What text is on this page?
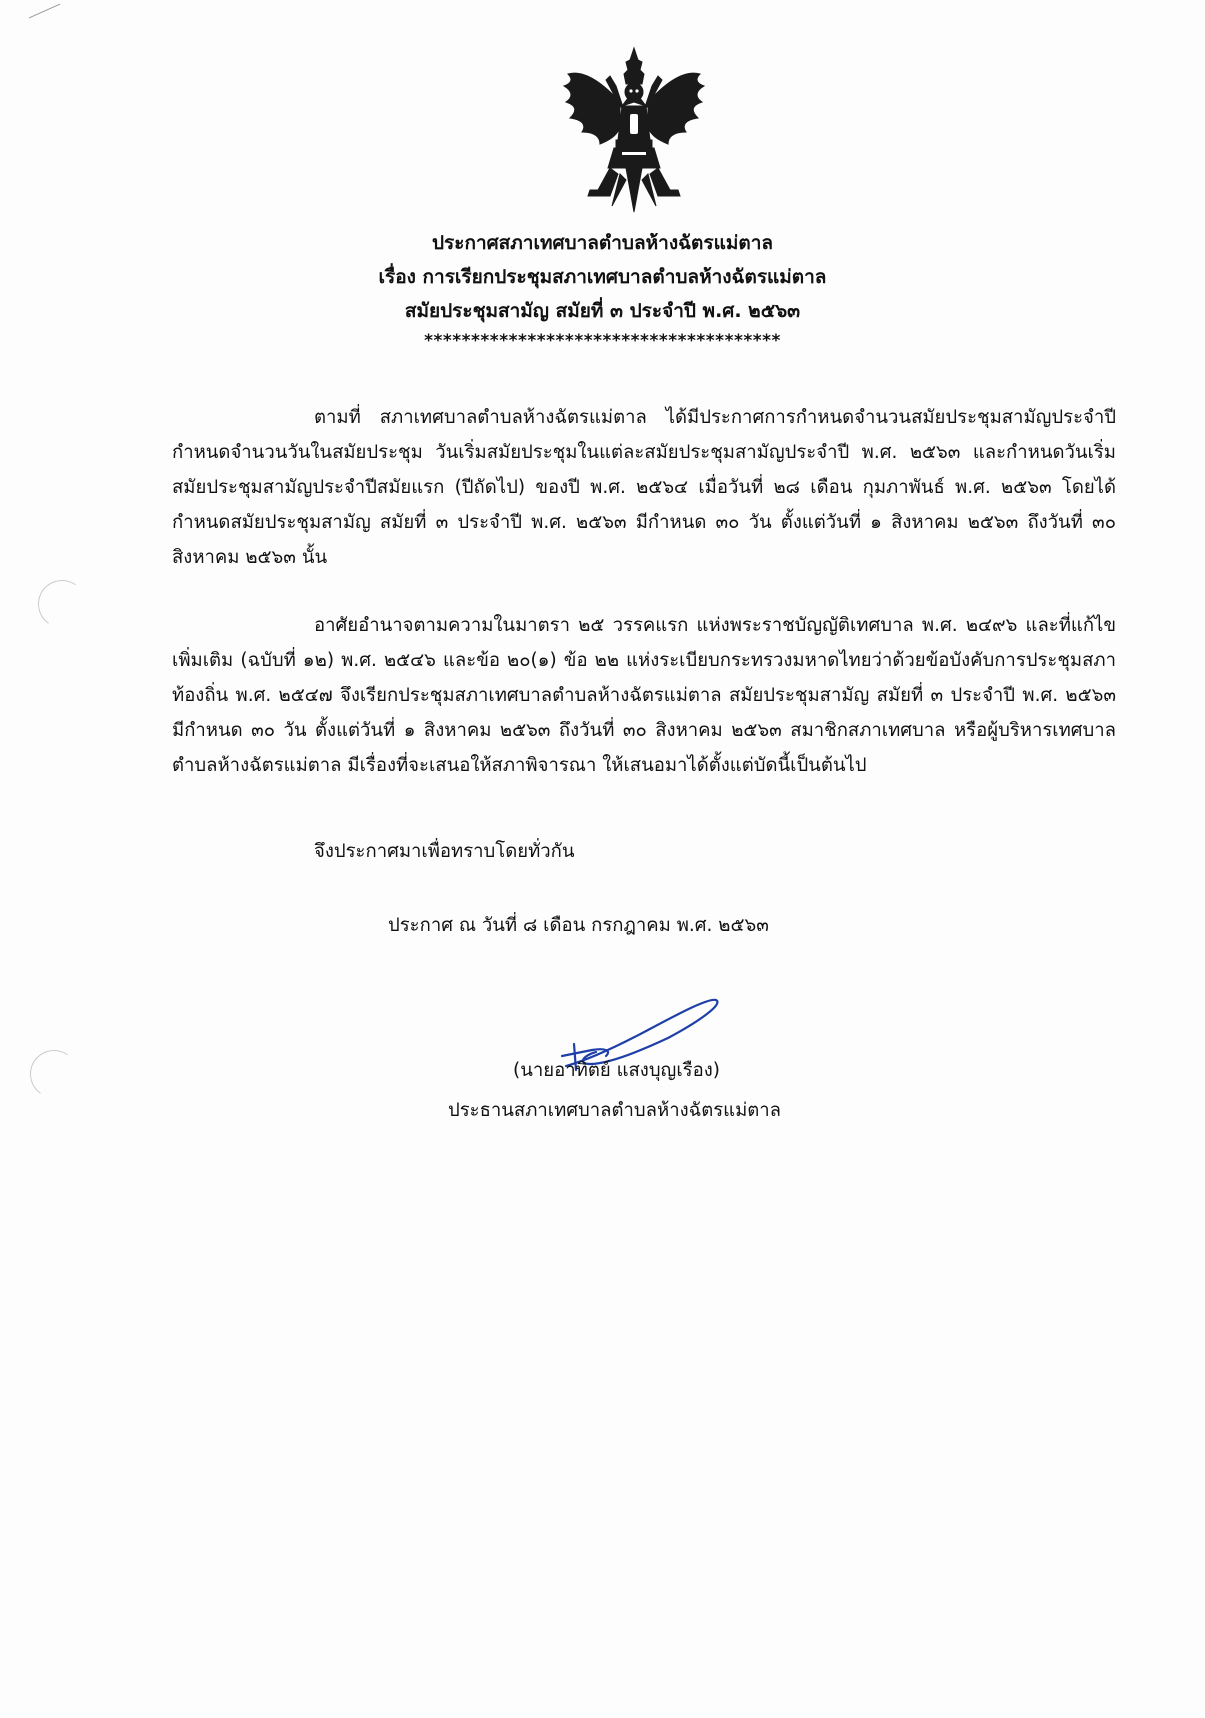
ประกาศสภาเทศบาลตำบลห้างฉัตรแม่ตาล
เรื่อง การเรียกประชุมสภาเทศบาลตำบลห้างฉัตรแม่ตาล
สมัยประชุมสามัญ สมัยที่ ๓ ประจำปี พ.ศ. ๒๕๖๓
**************************************

ตามที่ สภาเทศบาลตำบลห้างฉัตรแม่ตาล ได้มีประกาศการกำหนดจำนวนสมัยประชุมสามัญประจำปี กำหนดจำนวนวันในสมัยประชุม วันเริ่มสมัยประชุมในแต่ละสมัยประชุมสามัญประจำปี พ.ศ. ๒๕๖๓ และกำหนดวันเริ่มสมัยประชุมสามัญประจำปีสมัยแรก (ปีถัดไป) ของปี พ.ศ. ๒๕๖๔ เมื่อวันที่ ๒๘ เดือน กุมภาพันธ์ พ.ศ. ๒๕๖๓ โดยได้กำหนดสมัยประชุมสามัญ สมัยที่ ๓ ประจำปี พ.ศ. ๒๕๖๓ มีกำหนด ๓๐ วัน ตั้งแต่วันที่ ๑ สิงหาคม ๒๕๖๓ ถึงวันที่ ๓๐ สิงหาคม ๒๕๖๓ นั้น

อาศัยอำนาจตามความในมาตรา ๒๕ วรรคแรก แห่งพระราชบัญญัติเทศบาล พ.ศ. ๒๔๙๖ และที่แก้ไขเพิ่มเติม (ฉบับที่ ๑๒) พ.ศ. ๒๕๔๖ และข้อ ๒๐(๑) ข้อ ๒๒ แห่งระเบียบกระทรวงมหาดไทยว่าด้วยข้อบังคับการประชุมสภาท้องถิ่น พ.ศ. ๒๕๔๗ จึงเรียกประชุมสภาเทศบาลตำบลห้างฉัตรแม่ตาล สมัยประชุมสามัญ สมัยที่ ๓ ประจำปี พ.ศ. ๒๕๖๓ มีกำหนด ๓๐ วัน ตั้งแต่วันที่ ๑ สิงหาคม ๒๕๖๓ ถึงวันที่ ๓๐ สิงหาคม ๒๕๖๓ สมาชิกสภาเทศบาล หรือผู้บริหารเทศบาลตำบลห้างฉัตรแม่ตาล มีเรื่องที่จะเสนอให้สภาพิจารณา ให้เสนอมาได้ตั้งแต่บัดนี้เป็นต้นไป

จึงประกาศมาเพื่อทราบโดยทั่วกัน
ประกาศ ณ วันที่ ๘ เดือน กรกฎาคม พ.ศ. ๒๕๖๓
(นายอาทิตย์ แสงบุญเรือง)
ประธานสภาเทศบาลตำบลห้างฉัตรแม่ตาล
